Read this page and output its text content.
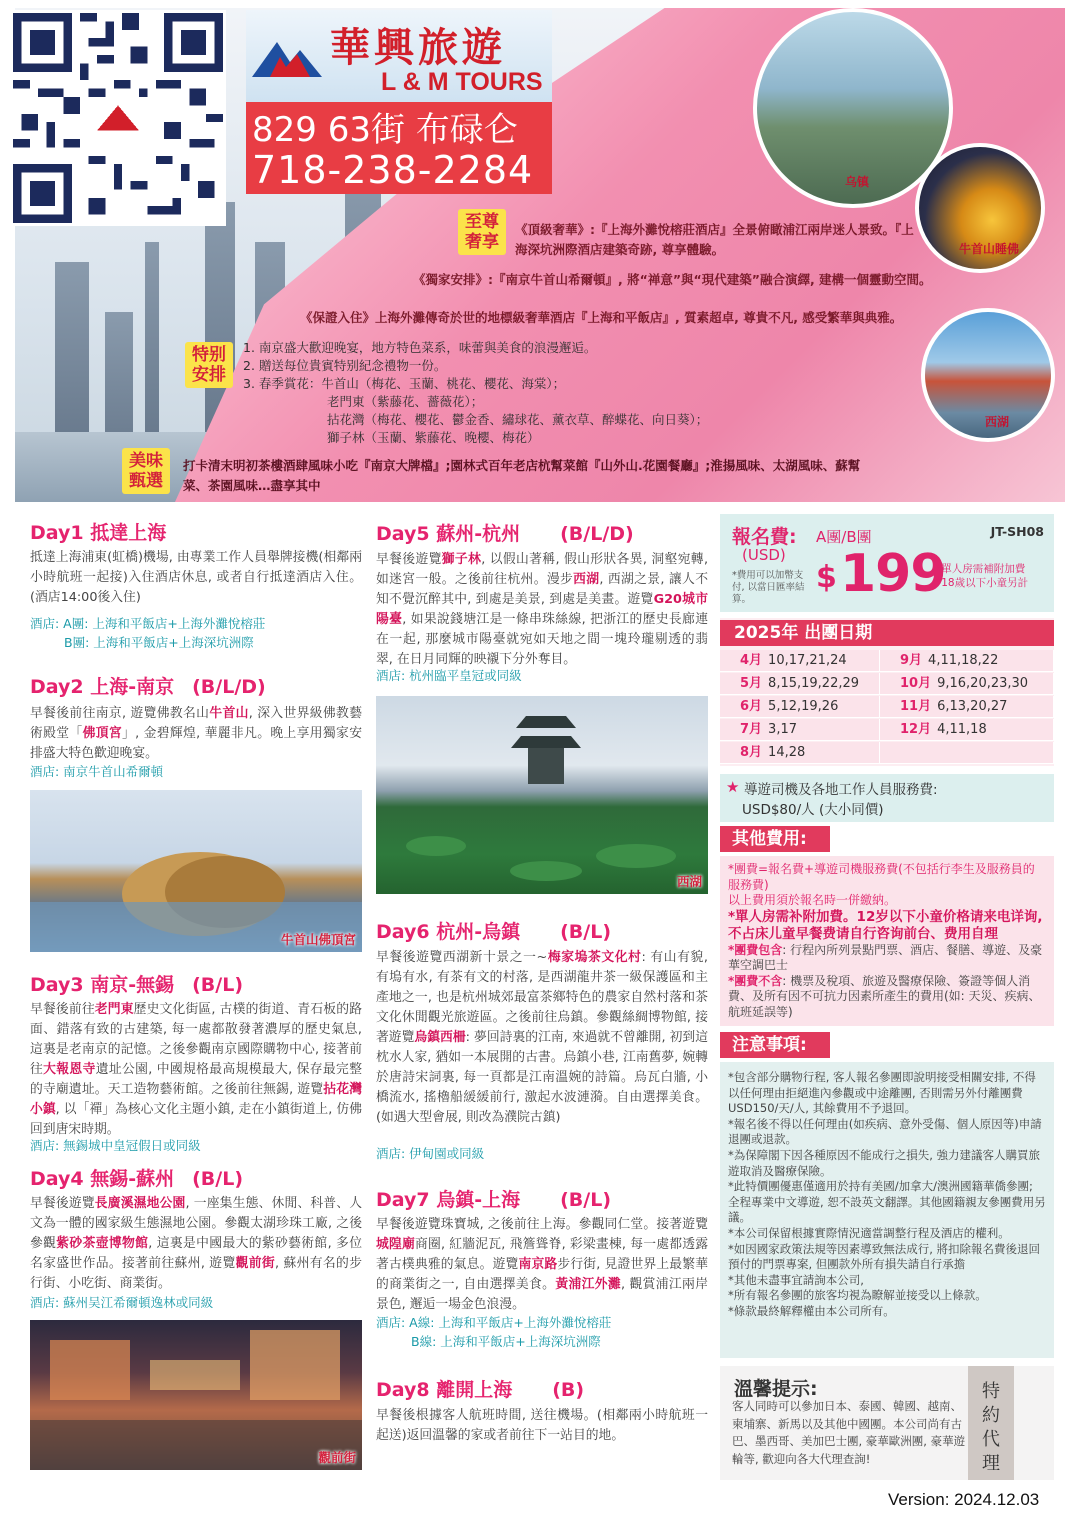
乌镇
牛首山睡佛
西湖
至尊奢享
《頂級奢華》:『上海外灘悅榕莊酒店』全景俯瞰浦江兩岸迷人景致。『上海深坑洲際酒店建築奇跡, 尊享體驗。
《獨家安排》:『南京牛首山希爾頓』, 將“禅意”與“現代建築”融合演繹, 建構一個靈動空間。
《保證入住》上海外灘傳奇於世的地標級奢華酒店『上海和平飯店』, 質素超卓, 尊貴不凡, 感受繁華與典雅。
特别安排
1. 南京盛大歡迎晚宴，地方特色菜系，味蕾與美食的浪漫邂逅。
2. 贈送每位貴賓特别紀念禮物一份。
3. 春季賞花：牛首山（梅花、玉蘭、桃花、櫻花、海棠）；
老門東（紫藤花、薔薇花）；
拈花灣（梅花、櫻花、鬱金香、繡球花、薰衣草、醉蝶花、向日葵）；
獅子林（玉蘭、紫藤花、晚櫻、梅花）
美味甄選
打卡清末明初茶樓酒肆風味小吃『南京大牌檔』;園林式百年老店杭幫菜館『山外山.花園餐廳』;淮揚風味、太湖風味、蘇幫菜、茶園風味…盡享其中
華興旅遊
L & M TOURS
829 63街 布碌仑
718-238-2284
Day1 抵達上海
抵達上海浦東(虹橋)機場, 由專業工作人員舉牌接機(相鄰兩小時航班一起接)入住酒店休息, 或者自行抵達酒店入住。(酒店14:00後入住)
酒店: A團: 上海和平飯店+上海外灘悅榕莊
B團: 上海和平飯店+上海深坑洲際
Day2 上海-南京 (B/L/D)
早餐後前往南京, 遊覽佛教名山牛首山, 深入世界級佛教藝術殿堂「佛頂宮」, 金碧輝煌, 華麗非凡。晚上享用獨家安排盛大特色歡迎晚宴。
酒店: 南京牛首山希爾頓
牛首山佛頂宮
Day3 南京-無錫 (B/L)
早餐後前往老門東歷史文化街區, 古樸的街道、青石板的路面、錯落有致的古建築, 每一處都散發著濃厚的歷史氣息, 這裏是老南京的記憶。之後參觀南京國際購物中心, 接著前往大報恩寺遺址公園, 中國規格最高規模最大, 保存最完整的寺廟遺址。天工造物藝術館。之後前往無錫, 遊覽拈花灣小鎮, 以「禪」為核心文化主題小鎮, 走在小鎮街道上, 仿佛回到唐宋時期。
酒店: 無錫城中皇冠假日或同級
Day4 無錫-蘇州 (B/L)
早餐後遊覽長廣溪濕地公園, 一座集生態、休閒、科普、人文為一體的國家級生態濕地公園。參觀太湖珍珠工廠, 之後參觀紫砂茶壺博物館, 這裏是中國最大的紫砂藝術館, 多位名家盛世作品。接著前往蘇州, 遊覽觀前街, 蘇州有名的步行街、小吃街、商業街。
酒店: 蘇州吴江希爾頓逸林或同級
觀前街
Day5 蘇州-杭州 (B/L/D)
早餐後遊覽獅子林, 以假山著稱, 假山形狀各異, 洞壑宛轉, 如迷宮一般。之後前往杭州。漫步西湖, 西湖之景, 讓人不知不覺沉醉其中, 到處是美景, 到處是美畫。遊覽G20城市陽臺, 如果說錢塘江是一條串珠絲線, 把浙江的歷史長廊連在一起, 那麼城市陽臺就宛如天地之間一塊玲瓏剔透的翡翠, 在日月同輝的映襯下分外奪目。
酒店: 杭州臨平皇冠或同級
西湖
Day6 杭州-烏鎮 (B/L)
早餐後遊覽西湖新十景之一~梅家塢茶文化村: 有山有貌, 有塢有水, 有茶有文的村落, 是西湖龍井茶一級保護區和主產地之一, 也是杭州城郊最富茶鄉特色的農家自然村落和茶文化休閒觀光旅遊區。之後前往烏鎮。參觀絲綢博物館, 接著遊覽烏鎮西柵: 夢回詩裏的江南, 來過就不曾離開, 初到這枕水人家, 猶如一本展開的古書。烏鎮小巷, 江南舊夢, 婉轉於唐詩宋詞裏, 每一頁都是江南溫婉的詩篇。烏瓦白牆, 小橋流水, 搖櫓船緩緩前行, 激起水波漣漪。自由選擇美食。(如遇大型會展, 則改為濮院古鎮)
酒店: 伊甸園或同級
Day7 烏鎮-上海 (B/L)
早餐後遊覽珠寶城, 之後前往上海。參觀同仁堂。接著遊覽城隍廟商圈, 紅牆泥瓦, 飛簷聳脊, 彩梁畫棟, 每一處都透露著古樸典雅的氣息。遊覽南京路步行街, 見證世界上最繁華的商業街之一, 自由選擇美食。黃浦江外灘, 觀賞浦江兩岸景色, 邂逅一場金色浪漫。
酒店: A線: 上海和平飯店+上海外灘悅榕莊
B線: 上海和平飯店+上海深坑洲際
Day8 離開上海 (B)
早餐後根據客人航班時間, 送往機場。(相鄰兩小時航班一起送)返回溫馨的家或者前往下一站目的地。
報名費: A團/B團	JT-SH08
(USD)
*費用可以加幣支付, 以當日匯率結算。
$ 199
*單人房需補附加費
*18歲以下小童另計
2025年 出團日期
4月 10,17,21,24	9月 4,11,18,22
5月 8,15,19,22,29	10月 9,16,20,23,30
6月 5,12,19,26	11月 6,13,20,27
7月 3,17	12月 4,11,18
8月 14,28
★ 導遊司機及各地工作人員服務費:
USD$80/人 (大小同價)
其他費用:
*團費=報名費+導遊司機服務費(不包括行李生及服務員的服務費)
以上費用須於報名時一併繳納。
*單人房需补附加費。12岁以下小童价格请来电详询, 不占床儿童早餐费请自行咨询前台、费用自理
*團費包含: 行程內所列景點門票、酒店、餐膳、導遊、及豪華空調巴士
*團費不含: 機票及稅項、旅遊及醫療保險、簽證等個人消費、及所有因不可抗力因素所產生的費用(如: 天災、疾病、航班延誤等)
注意事項:
*包含部分購物行程, 客人報名參團即說明接受相關安排, 不得以任何理由拒絕進內參觀或中途離團, 否則需另外付離團費USD150/天/人, 其餘費用不予退回。
*報名後不得以任何理由(如疾病、意外受傷、個人原因等)申請退團或退款。
*為保障閣下因各種原因不能成行之損失, 強力建議客人購買旅遊取消及醫療保險。
*此特價團優惠僅適用於持有美國/加拿大/澳洲國籍華僑參團; 全程專業中文導遊, 恕不設英文翻譯。其他國籍親友參團費用另議。
*本公司保留根據實際情況適當調整行程及酒店的權利。
*如因國家政策法規等因素導致無法成行, 將扣除報名費後退回預付的門票專案, 但團款外所有損失請自行承擔
*其他未盡事宜請詢本公司,
*所有報名參團的旅客均視為瞭解並接受以上條款。
*條款最終解釋權由本公司所有。
溫馨提示:
客人同時可以參加日本、泰國、韓國、越南、柬埔寨、新馬以及其他中國團。本公司尚有古巴、墨西哥、美加巴士團, 豪華歐洲團, 豪華遊輪等, 歡迎向各大代理查詢!
特約代理
Version: 2024.12.03
